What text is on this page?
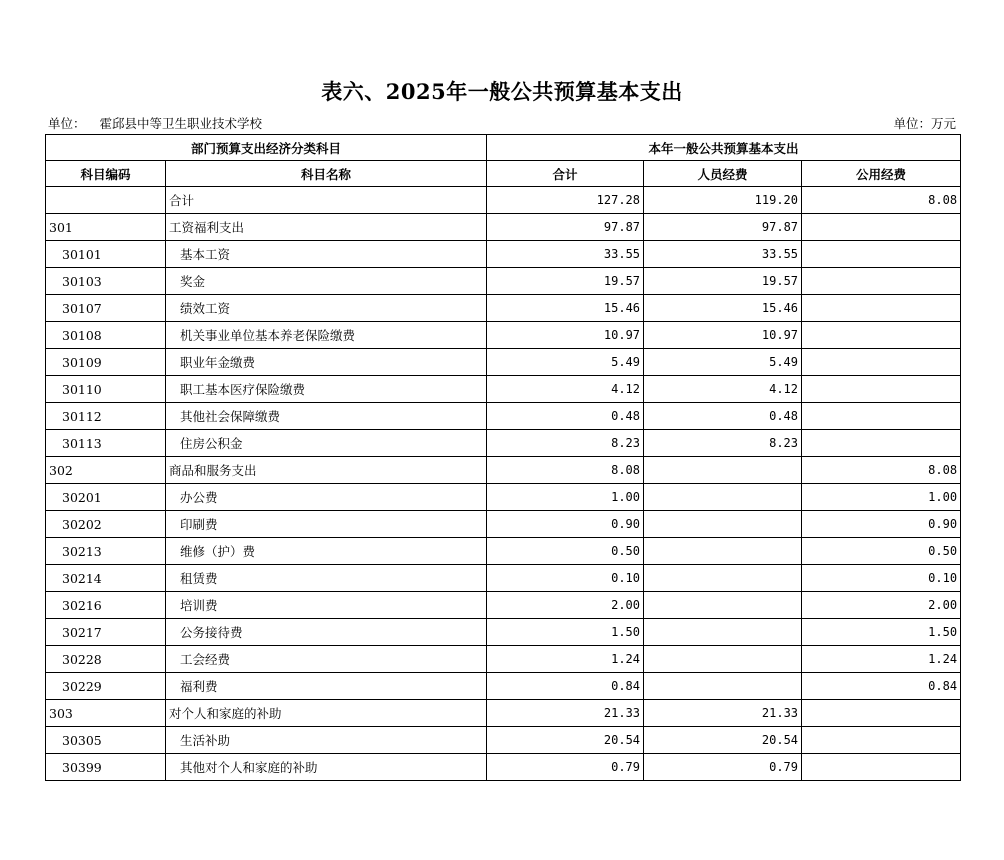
表六、2025年一般公共预算基本支出
单位： 霍邱县中等卫生职业技术学校	单位：万元
部门预算支出经济分类科目		本年一般公共预算基本支出		
科目编码	科目名称	合计	人员经费	公用经费
	合计	127.28	119.20	8.08
301	工资福利支出	97.87	97.87	
30101	基本工资	33.55	33.55	
30103	奖金	19.57	19.57	
30107	绩效工资	15.46	15.46	
30108	机关事业单位基本养老保险缴费	10.97	10.97	
30109	职业年金缴费	5.49	5.49	
30110	职工基本医疗保险缴费	4.12	4.12	
30112	其他社会保障缴费	0.48	0.48	
30113	住房公积金	8.23	8.23	
302	商品和服务支出	8.08		8.08
30201	办公费	1.00		1.00
30202	印刷费	0.90		0.90
30213	维修（护）费	0.50		0.50
30214	租赁费	0.10		0.10
30216	培训费	2.00		2.00
30217	公务接待费	1.50		1.50
30228	工会经费	1.24		1.24
30229	福利费	0.84		0.84
303	对个人和家庭的补助	21.33	21.33	
30305	生活补助	20.54	20.54	
30399	其他对个人和家庭的补助	0.79	0.79	
